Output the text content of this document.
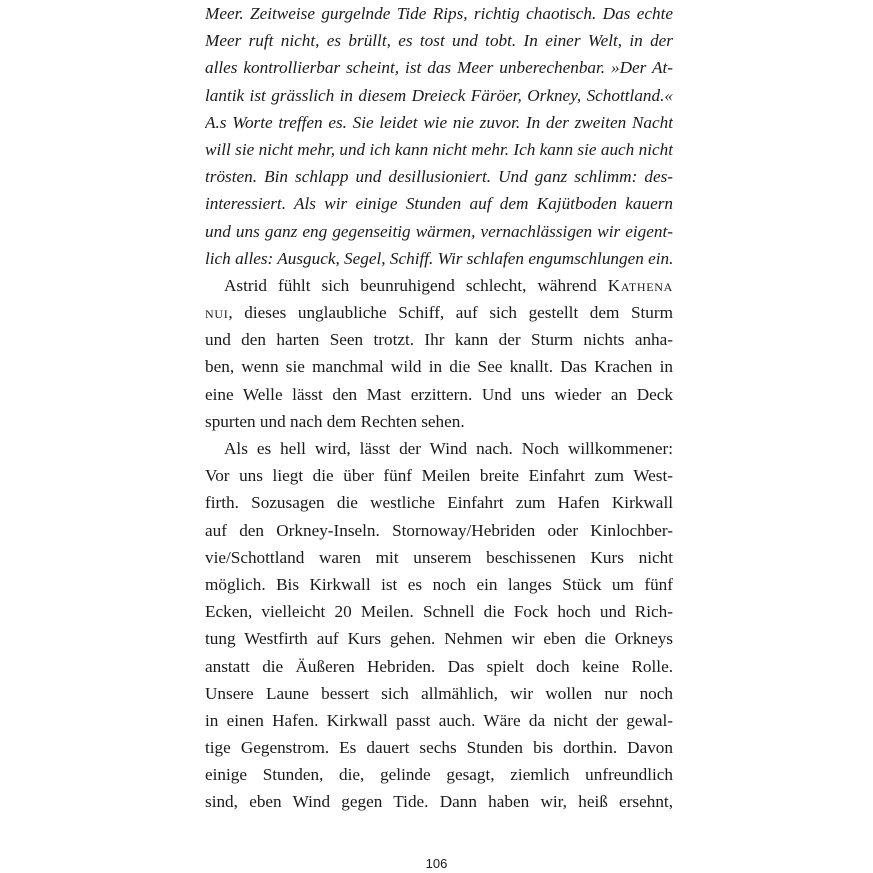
Meer. Zeitweise gurgelnde Tide Rips, richtig chaotisch. Das echte
Meer ruft nicht, es brüllt, es tost und tobt. In einer Welt, in der
alles kontrollierbar scheint, ist das Meer unberechenbar. »Der At-
lantik ist grässlich in diesem Dreieck Färöer, Orkney, Schottland.«
A.s Worte treffen es. Sie leidet wie nie zuvor. In der zweiten Nacht
will sie nicht mehr, und ich kann nicht mehr. Ich kann sie auch nicht
trösten. Bin schlapp und desillusioniert. Und ganz schlimm: des-
interessiert. Als wir einige Stunden auf dem Kajütboden kauern
und uns ganz eng gegenseitig wärmen, vernachlässigen wir eigent-
lich alles: Ausguck, Segel, Schiff. Wir schlafen engumschlungen ein.
Astrid fühlt sich beunruhigend schlecht, während Kathena
nui, dieses unglaubliche Schiff, auf sich gestellt dem Sturm
und den harten Seen trotzt. Ihr kann der Sturm nichts anha-
ben, wenn sie manchmal wild in die See knallt. Das Krachen in
eine Welle lässt den Mast erzittern. Und uns wieder an Deck
spurten und nach dem Rechten sehen.
Als es hell wird, lässt der Wind nach. Noch willkommener:
Vor uns liegt die über fünf Meilen breite Einfahrt zum West-
firth. Sozusagen die westliche Einfahrt zum Hafen Kirkwall
auf den Orkney-Inseln. Stornoway/Hebriden oder Kinlochber-
vie/Schottland waren mit unserem beschissenen Kurs nicht
möglich. Bis Kirkwall ist es noch ein langes Stück um fünf
Ecken, vielleicht 20 Meilen. Schnell die Fock hoch und Rich-
tung Westfirth auf Kurs gehen. Nehmen wir eben die Orkneys
anstatt die Äußeren Hebriden. Das spielt doch keine Rolle.
Unsere Laune bessert sich allmählich, wir wollen nur noch
in einen Hafen. Kirkwall passt auch. Wäre da nicht der gewal-
tige Gegenstrom. Es dauert sechs Stunden bis dorthin. Davon
einige Stunden, die, gelinde gesagt, ziemlich unfreundlich
sind, eben Wind gegen Tide. Dann haben wir, heiß ersehnt,
106
